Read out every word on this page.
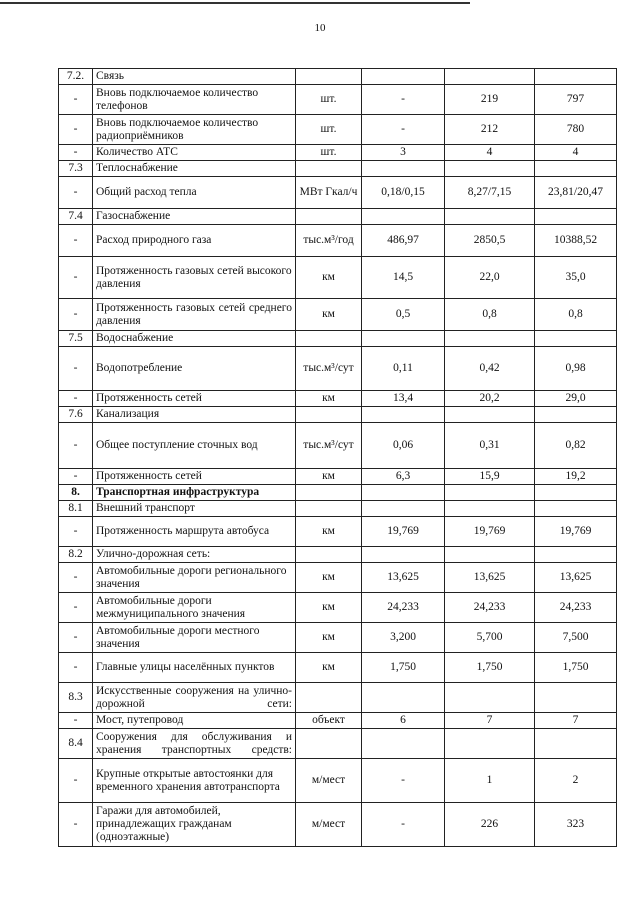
10
7.2.	Связь				
-	Вновь подключаемое количество телефонов	шт.	-	219	797
-	Вновь подключаемое количество радиоприёмников	шт.	-	212	780
-	Количество АТС	шт.	3	4	4
7.3	Теплоснабжение				
-	Общий расход тепла	МВт Гкал/ч	0,18/0,15	8,27/7,15	23,81/20,47
7.4	Газоснабжение				
-	Расход природного газа	тыс.м³/год	486,97	2850,5	10388,52
-	Протяженность газовых сетей высокого давления	км	14,5	22,0	35,0
-	Протяженность газовых сетей среднего давления	км	0,5	0,8	0,8
7.5	Водоснабжение				
-	Водопотребление	тыс.м³/сут	0,11	0,42	0,98
-	Протяженность сетей	км	13,4	20,2	29,0
7.6	Канализация				
-	Общее поступление сточных вод	тыс.м³/сут	0,06	0,31	0,82
-	Протяженность сетей	км	6,3	15,9	19,2
8.	Транспортная инфраструктура				
8.1	Внешний транспорт				
-	Протяженность маршрута автобуса	км	19,769	19,769	19,769
8.2	Улично-дорожная сеть:				
-	Автомобильные дороги регионального значения	км	13,625	13,625	13,625
-	Автомобильные дороги межмуниципального значения	км	24,233	24,233	24,233
-	Автомобильные дороги местного значения	км	3,200	5,700	7,500
-	Главные улицы населённых пунктов	км	1,750	1,750	1,750
8.3	Искусственные сооружения на улично-дорожной сети:				
-	Мост, путепровод	объект	6	7	7
8.4	Сооружения для обслуживания и хранения транспортных средств:				
-	Крупные открытые автостоянки для временного хранения автотранспорта	м/мест	-	1	2
-	Гаражи для автомобилей, принадлежащих гражданам (одноэтажные)	м/мест	-	226	323
